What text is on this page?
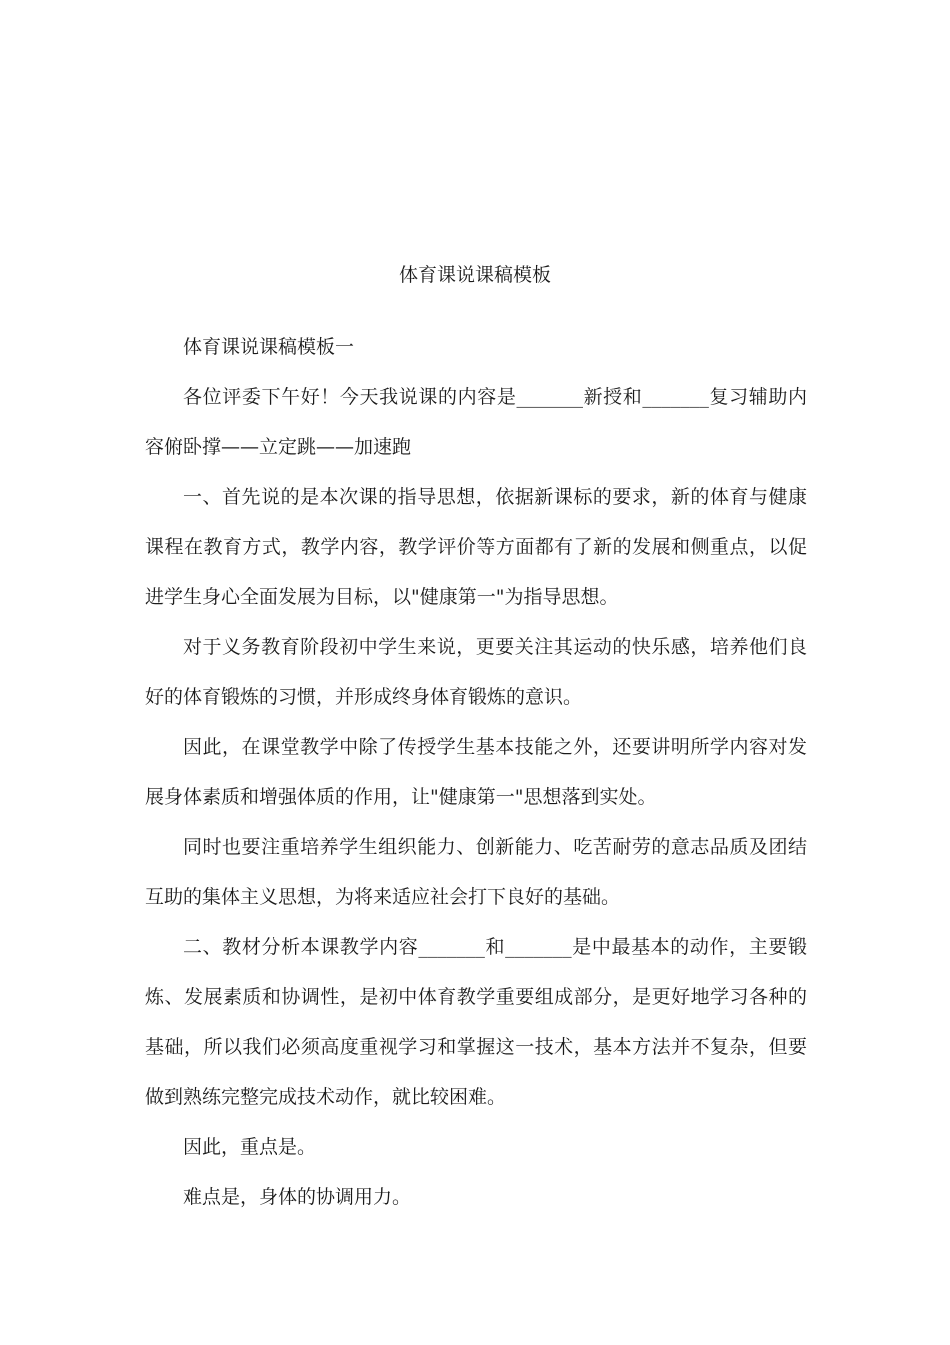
体育课说课稿模板

体育课说课稿模板一

各位评委下午好！今天我说课的内容是_______新授和_______复习辅助内容俯卧撑——立定跳——加速跑

一、首先说的是本次课的指导思想，依据新课标的要求，新的体育与健康课程在教育方式，教学内容，教学评价等方面都有了新的发展和侧重点，以促进学生身心全面发展为目标，以"健康第一"为指导思想。

对于义务教育阶段初中学生来说，更要关注其运动的快乐感，培养他们良好的体育锻炼的习惯，并形成终身体育锻炼的意识。

因此，在课堂教学中除了传授学生基本技能之外，还要讲明所学内容对发展身体素质和增强体质的作用，让"健康第一"思想落到实处。

同时也要注重培养学生组织能力、创新能力、吃苦耐劳的意志品质及团结互助的集体主义思想，为将来适应社会打下良好的基础。

二、教材分析本课教学内容_______和_______是中最基本的动作，主要锻炼、发展素质和协调性，是初中体育教学重要组成部分，是更好地学习各种的基础，所以我们必须高度重视学习和掌握这一技术，基本方法并不复杂，但要做到熟练完整完成技术动作，就比较困难。

因此，重点是。

难点是，身体的协调用力。
